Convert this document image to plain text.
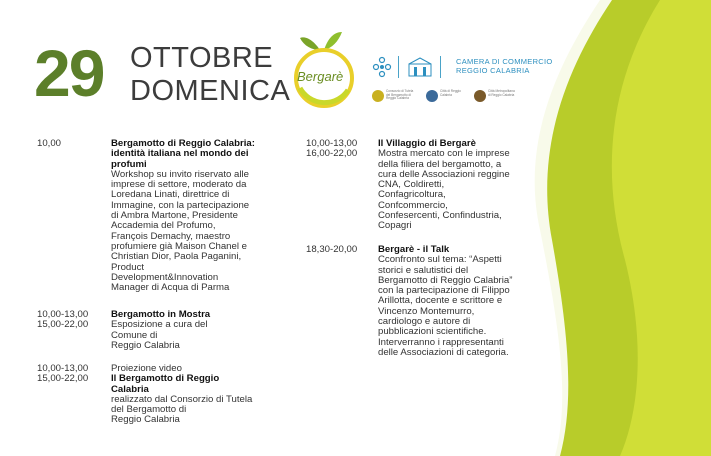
29 OTTOBRE
DOMENICA Bergarè
CAMERA DI COMMERCIO
REGGIO CALABRIA
Consorzio di Tutela del Bergamotto di Reggio Calabria
Città di Reggio Calabria
Città Metropolitana di Reggio Calabria
10,00	Bergamotto di Reggio Calabria:
identità italiana nel mondo dei
profumi
Workshop su invito riservato alle
imprese di settore, moderato da
Loredana Linati, direttrice di
Immagine, con la partecipazione
di Ambra Martone, Presidente
Accademia del Profumo,
François Demachy, maestro
profumiere già Maison Chanel e
Christian Dior, Paola Paganini,
Product
Development&Innovation
Manager di Acqua di Parma
10,00-13,00
15,00-22,00
Bergamotto in Mostra
Esposizione a cura del
Comune di
Reggio Calabria
10,00-13,00
15,00-22,00
Proiezione video
Il Bergamotto di Reggio
Calabria
realizzato dal Consorzio di Tutela
del Bergamotto di
Reggio Calabria
10,00-13,00
16,00-22,00
Il Villaggio di Bergarè
Mostra mercato con le imprese
della filiera del bergamotto, a
cura delle Associazioni reggine
CNA, Coldiretti,
Confagricoltura,
Confcommercio,
Confesercenti, Confindustria,
Copagri
18,30-20,00 Bergarè - il Talk
Cconfronto sul tema: “Aspetti
storici e salutistici del
Bergamotto di Reggio Calabria”
con la partecipazione di Filippo
Arillotta, docente e scrittore e
Vincenzo Montemurro,
cardiologo e autore di
pubblicazioni scientifiche.
Interverranno i rappresentanti
delle Associazioni di categoria.
